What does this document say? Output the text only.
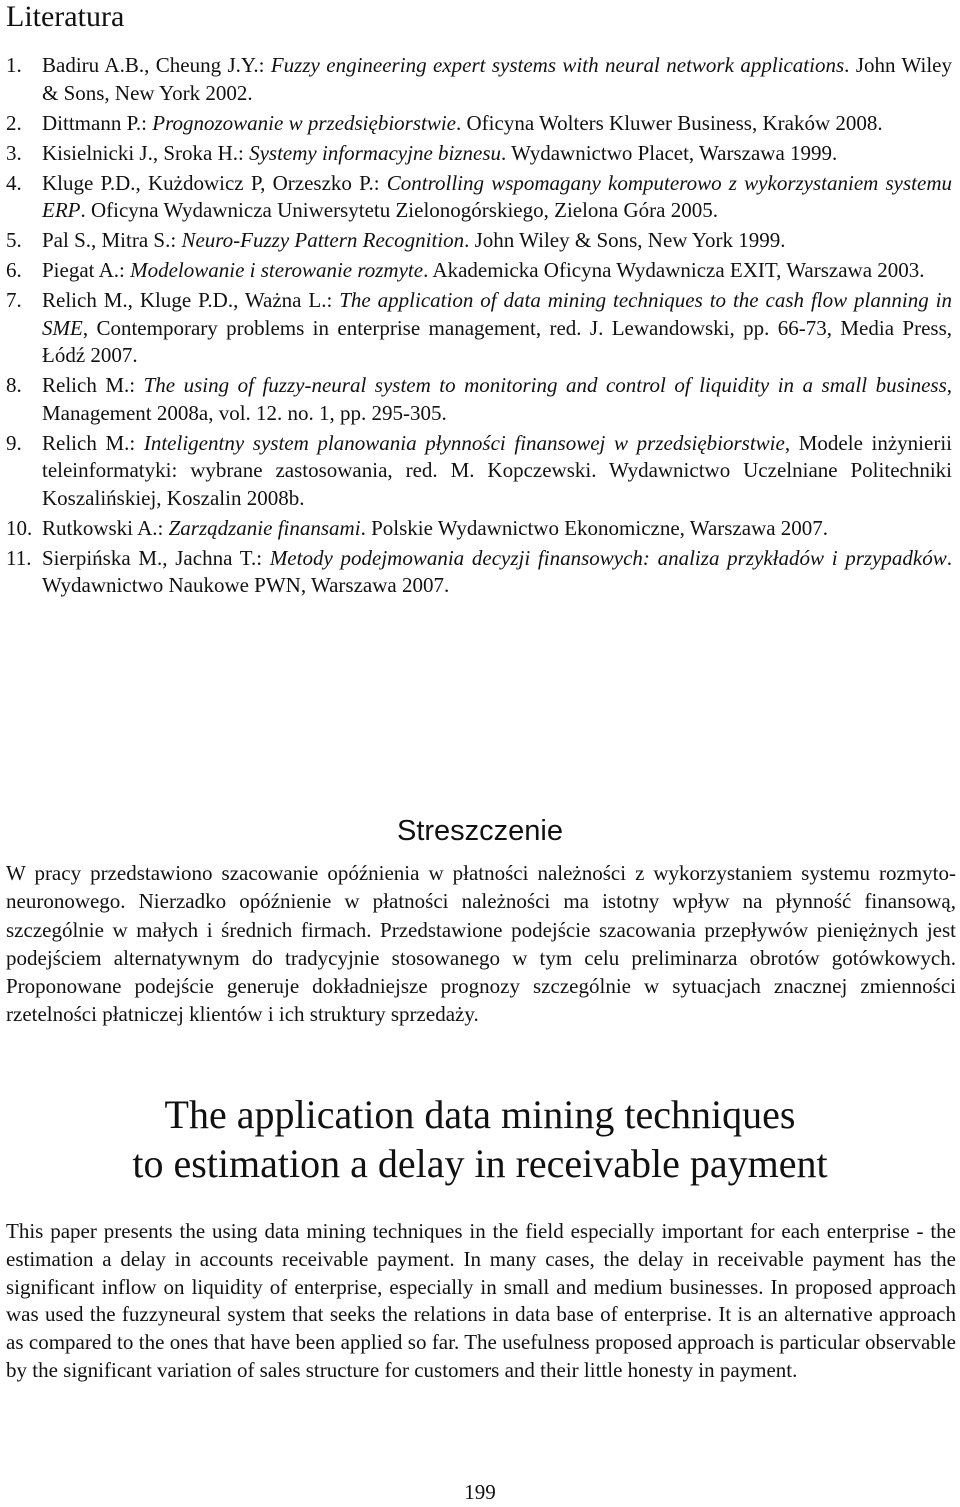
Literatura
1. Badiru A.B., Cheung J.Y.: Fuzzy engineering expert systems with neural network applications. John Wiley & Sons, New York 2002.
2. Dittmann P.: Prognozowanie w przedsiębiorstwie. Oficyna Wolters Kluwer Business, Kraków 2008.
3. Kisielnicki J., Sroka H.: Systemy informacyjne biznesu. Wydawnictwo Placet, Warszawa 1999.
4. Kluge P.D., Kużdowicz P, Orzeszko P.: Controlling wspomagany komputerowo z wykorzystaniem systemu ERP. Oficyna Wydawnicza Uniwersytetu Zielonogórskiego, Zielona Góra 2005.
5. Pal S., Mitra S.: Neuro-Fuzzy Pattern Recognition. John Wiley & Sons, New York 1999.
6. Piegat A.: Modelowanie i sterowanie rozmyte. Akademicka Oficyna Wydawnicza EXIT, Warszawa 2003.
7. Relich M., Kluge P.D., Ważna L.: The application of data mining techniques to the cash flow planning in SME, Contemporary problems in enterprise management, red. J. Lewandowski, pp. 66-73, Media Press, Łódź 2007.
8. Relich M.: The using of fuzzy-neural system to monitoring and control of liquidity in a small business, Management 2008a, vol. 12. no. 1, pp. 295-305.
9. Relich M.: Inteligentny system planowania płynności finansowej w przedsiębiorstwie, Modele inżynierii teleinformatyki: wybrane zastosowania, red. M. Kopczewski. Wydawnictwo Uczelniane Politechniki Koszalińskiej, Koszalin 2008b.
10. Rutkowski A.: Zarządzanie finansami. Polskie Wydawnictwo Ekonomiczne, Warszawa 2007.
11. Sierpińska M., Jachna T.: Metody podejmowania decyzji finansowych: analiza przykładów i przypadków. Wydawnictwo Naukowe PWN, Warszawa 2007.
Streszczenie

W pracy przedstawiono szacowanie opóźnienia w płatności należności z wykorzystaniem systemu rozmyto-neuronowego. Nierzadko opóźnienie w płatności należności ma istotny wpływ na płynność finansową, szczególnie w małych i średnich firmach. Przedstawione podejście szacowania przepływów pieniężnych jest podejściem alternatywnym do tradycyjnie stosowanego w tym celu preliminarza obrotów gotówkowych. Proponowane podejście generuje dokładniejsze prognozy szczególnie w sytuacjach znacznej zmienności rzetelności płatniczej klientów i ich struktury sprzedaży.

The application data mining techniques
to estimation a delay in receivable payment

This paper presents the using data mining techniques in the field especially important for each enterprise - the estimation a delay in accounts receivable payment. In many cases, the delay in receivable payment has the significant inflow on liquidity of enterprise, especially in small and medium businesses. In proposed approach was used the fuzzyneural system that seeks the relations in data base of enterprise. It is an alternative approach as compared to the ones that have been applied so far. The usefulness proposed approach is particular observable by the significant variation of sales structure for customers and their little honesty in payment.

199
